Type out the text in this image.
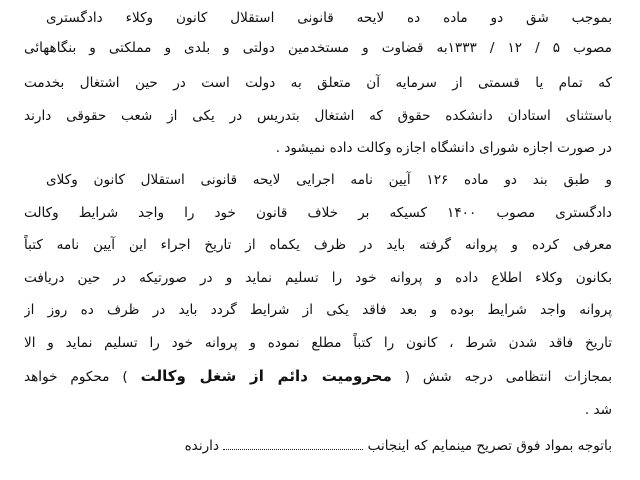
بموجب شق دو ماده ده لایحه قانونی استقلال کانون وکلاء دادگستری
مصوب ۵ / ۱۲ / ۱۳۳۳به قضاوت و مستخدمین دولتی و بلدی و مملکتی و بنگاههائی
که تمام یا قسمتی از سرمایه آن متعلق به دولت است در حین اشتغال بخدمت
باستثنای استادان دانشکده حقوق که اشتغال بتدریس در یکی از شعب حقوقی دارند
در صورت اجازه شورای دانشگاه اجازه وکالت داده نمیشود .
و طبق بند دو ماده ۱۲۶ آیین نامه اجرایی لایحه قانونی استقلال کانون وکلای
دادگستری مصوب ۱۴۰۰ کسیکه بر خلاف قانون خود را واجد شرایط وکالت
معرفی کرده و پروانه گرفته باید در ظرف یکماه از تاریخ اجراء این آیین نامه کتباً
بکانون وکلاء اطلاع داده و پروانه خود را تسلیم نماید و در صورتیکه در حین دریافت
پروانه واجد شرایط بوده و بعد فاقد یکی از شرایط گردد باید در ظرف ده روز از
تاریخ فاقد شدن شرط ، کانون را کتباً مطلع نموده و پروانه خود را تسلیم نماید و الا
بمجازات انتظامی درجه شش ( محرومیت دائم از شغل وکالت ) محکوم خواهد
شد .
باتوجه بمواد فوق تصریح مینمایم که اینجانب  دارنده
